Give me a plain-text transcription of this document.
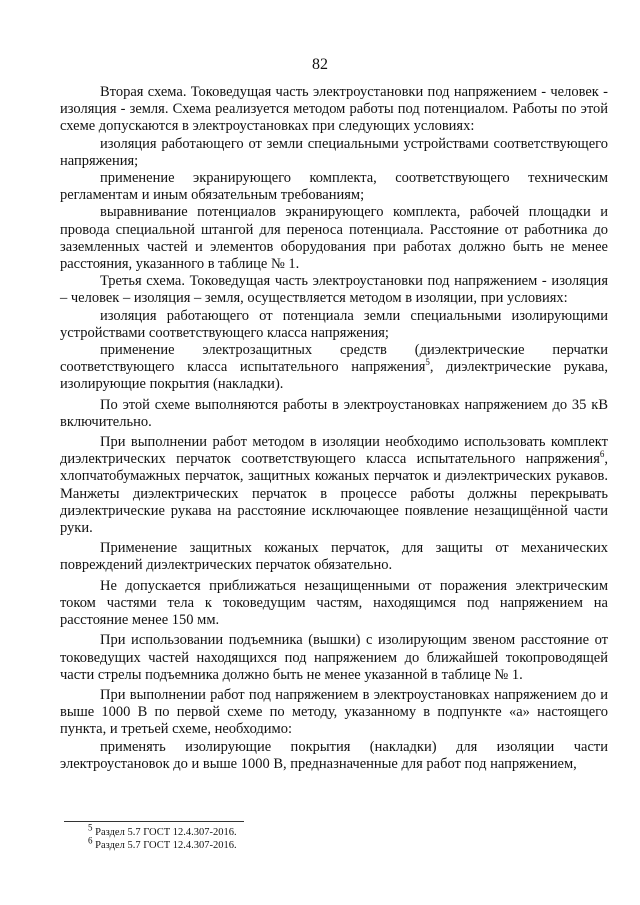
82

Вторая схема. Токоведущая часть электроустановки под напряжением - человек - изоляция - земля. Схема реализуется методом работы под потенциалом. Работы по этой схеме допускаются в электроустановках при следующих условиях:

изоляция работающего от земли специальными устройствами соответствующего напряжения;

применение экранирующего комплекта, соответствующего техническим регламентам и иным обязательным требованиям;

выравнивание потенциалов экранирующего комплекта, рабочей площадки и провода специальной штангой для переноса потенциала. Расстояние от работника до заземленных частей и элементов оборудования при работах должно быть не менее расстояния, указанного в таблице № 1.

Третья схема. Токоведущая часть электроустановки под напряжением - изоляция – человек – изоляция – земля, осуществляется методом в изоляции, при условиях:

изоляция работающего от потенциала земли специальными изолирующими устройствами соответствующего класса напряжения;

применение электрозащитных средств (диэлектрические перчатки соответствующего класса испытательного напряжения$^5$, диэлектрические рукава, изолирующие покрытия (накладки).

По этой схеме выполняются работы в электроустановках напряжением до 35 кВ включительно.

При выполнении работ методом в изоляции необходимо использовать комплект диэлектрических перчаток соответствующего класса испытательного напряжения$^6$, хлопчатобумажных перчаток, защитных кожаных перчаток и диэлектрических рукавов. Манжеты диэлектрических перчаток в процессе работы должны перекрывать диэлектрические рукава на расстояние исключающее появление незащищённой части руки.

Применение защитных кожаных перчаток, для защиты от механических повреждений диэлектрических перчаток обязательно.

Не допускается приближаться незащищенными от поражения электрическим током частями тела к токоведущим частям, находящимся под напряжением на расстояние менее 150 мм.

При использовании подъемника (вышки) с изолирующим звеном расстояние от токоведущих частей находящихся под напряжением до ближайшей токопроводящей части стрелы подъемника должно быть не менее указанной в таблице № 1.

При выполнении работ под напряжением в электроустановках напряжением до и выше 1000 В по первой схеме по методу, указанному в подпункте «а» настоящего пункта, и третьей схеме, необходимо:

применять изолирующие покрытия (накладки) для изоляции части электроустановок до и выше 1000 В, предназначенные для работ под напряжением,

$^5$ Раздел 5.7 ГОСТ 12.4.307-2016.
$^6$ Раздел 5.7 ГОСТ 12.4.307-2016.
